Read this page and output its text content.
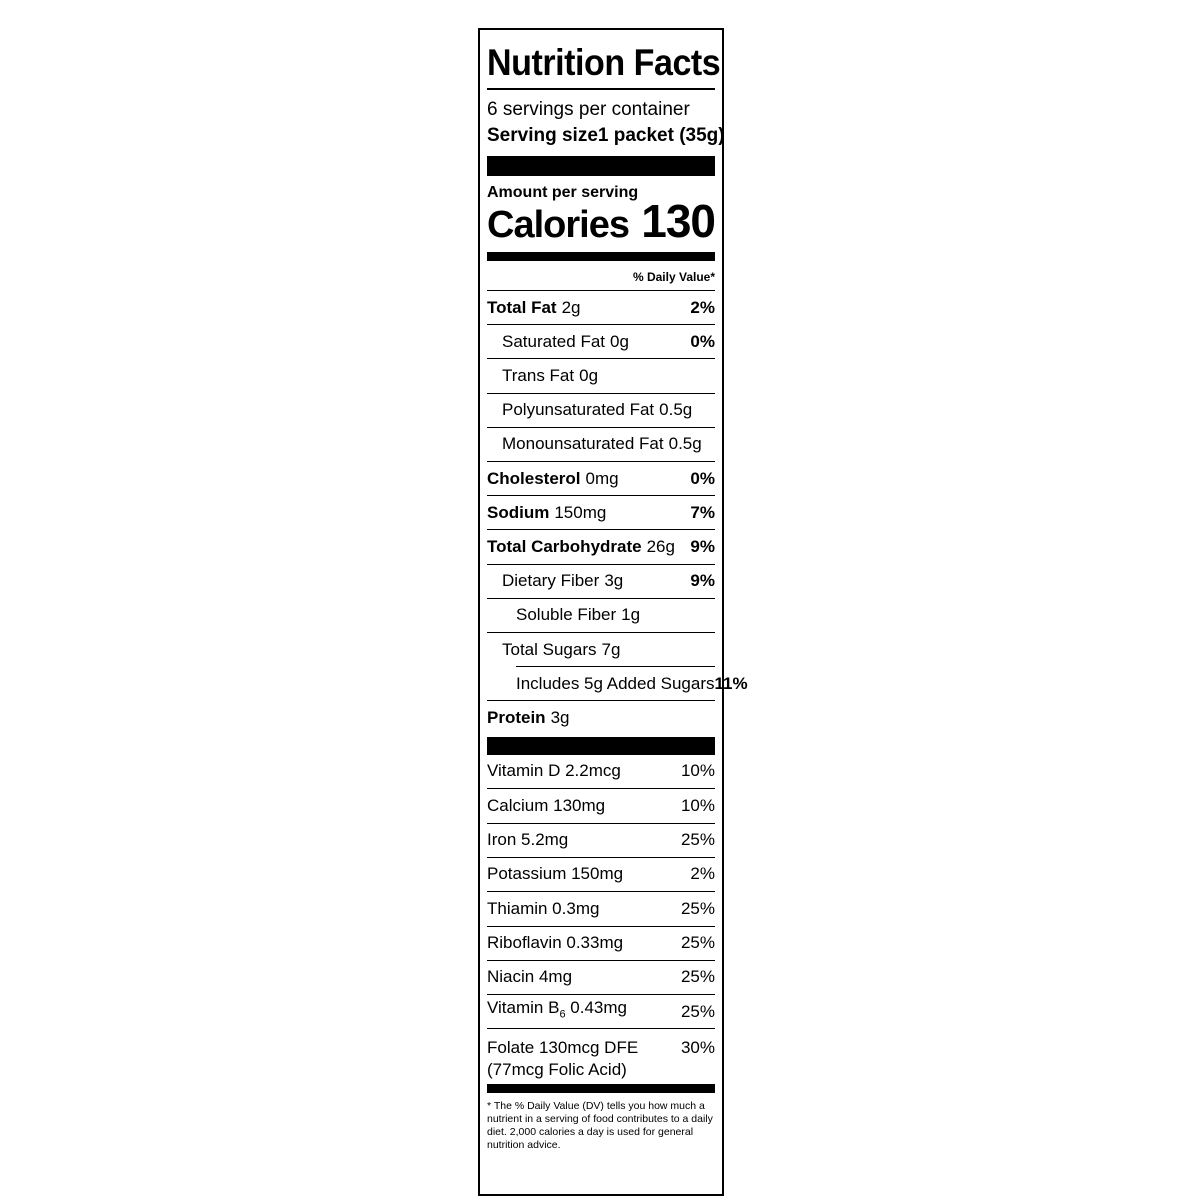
Nutrition Facts
6 servings per container
Serving size 1 packet (35g)
Amount per serving
Calories 130
% Daily Value*
Total Fat 2g	2%
Saturated Fat 0g	0%
Trans Fat 0g
Polyunsaturated Fat 0.5g
Monounsaturated Fat 0.5g
Cholesterol 0mg	0%
Sodium 150mg	7%
Total Carbohydrate 26g 9%
Dietary Fiber 3g	9%
Soluble Fiber 1g
Total Sugars 7g
Includes 5g Added Sugars 11%
Protein 3g
Vitamin D 2.2mcg	10%
Calcium 130mg	10%
Iron 5.2mg	25%
Potassium 150mg	2%
Thiamin 0.3mg	25%
Riboflavin 0.33mg	25%
Niacin 4mg	25%
Vitamin $B_6$ 0.43mg	25%
Folate 130mcg DFE
(77mcg Folic Acid)
30%
* The % Daily Value (DV) tells you how much a nutrient in a serving of food contributes to a daily diet. 2,000 calories a day is used for general nutrition advice.
